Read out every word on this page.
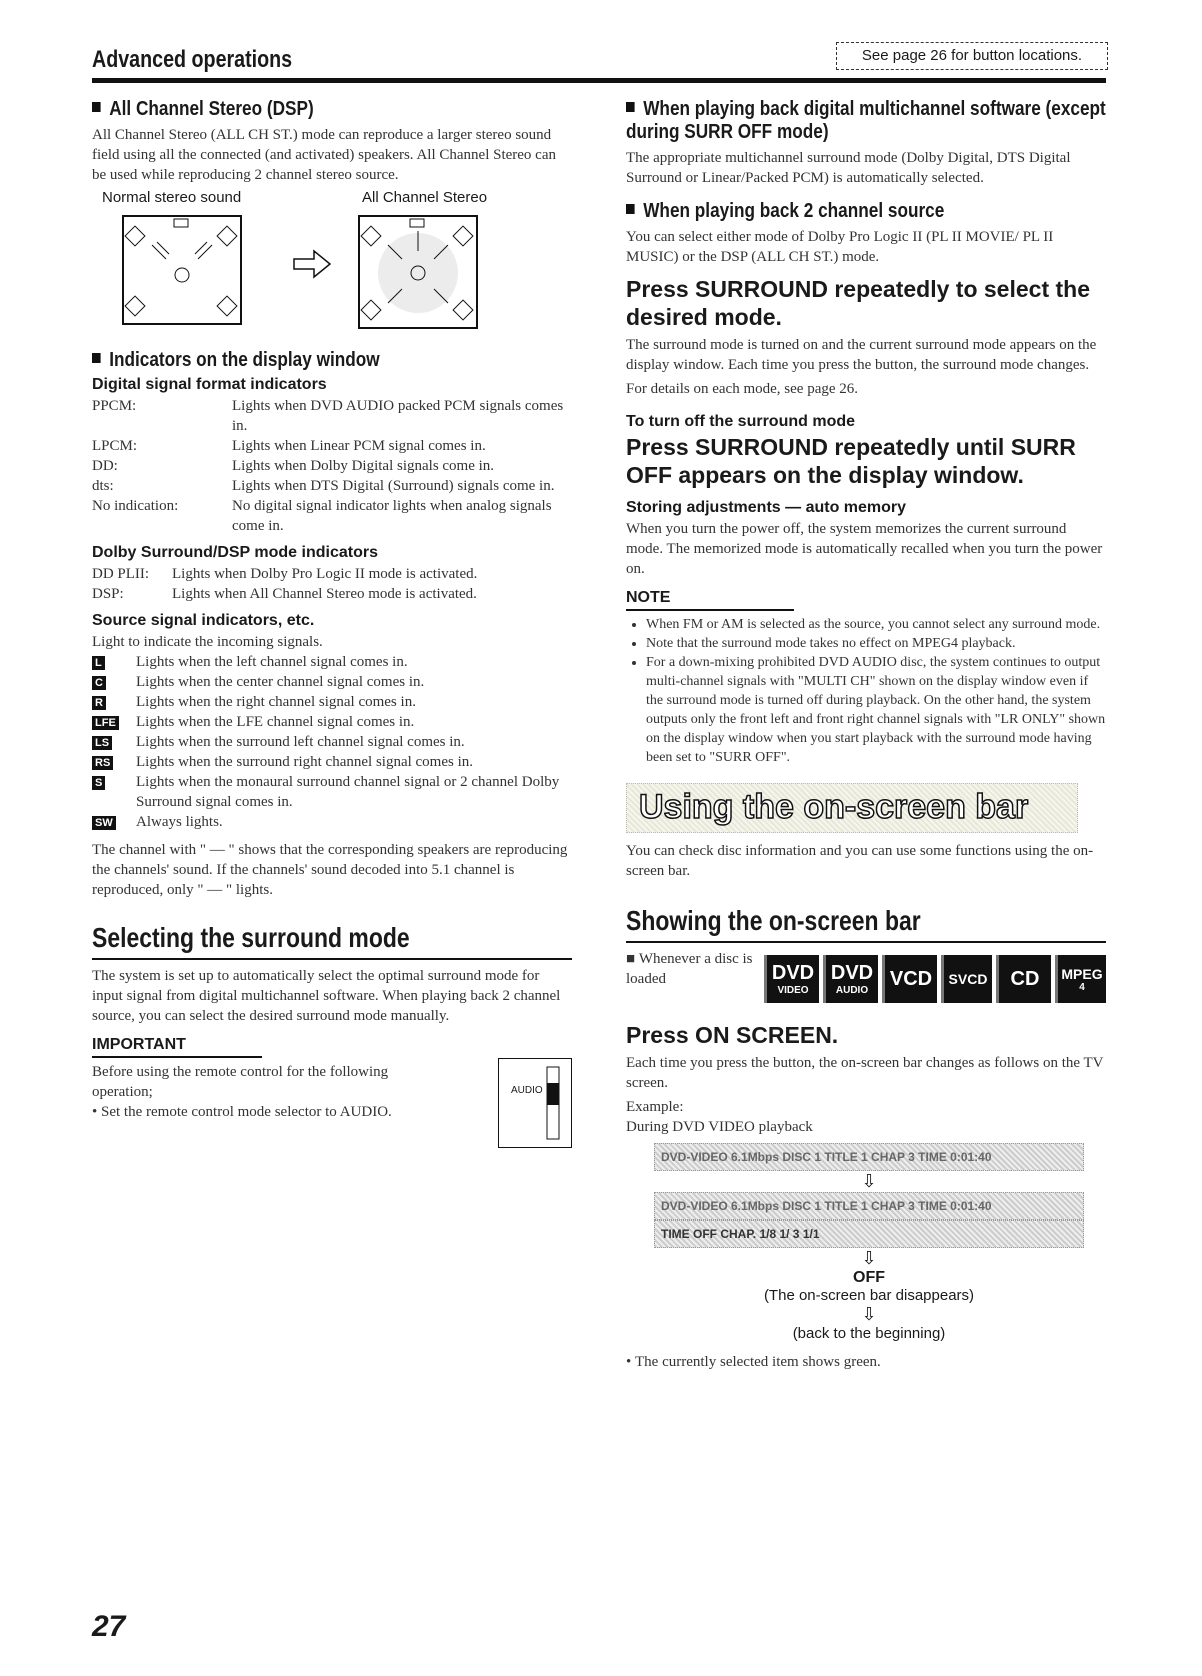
Advanced operations	See page 26 for button locations.
All Channel Stereo (DSP)

All Channel Stereo (ALL CH ST.) mode can reproduce a larger stereo sound field using all the connected (and activated) speakers. All Channel Stereo can be used while reproducing 2 channel stereo source.

Normal stereo sound	All Channel Stereo
Indicators on the display window
Digital signal format indicators
PPCM:	Lights when DVD AUDIO packed PCM signals comes in.
LPCM:	Lights when Linear PCM signal comes in.
DD:	Lights when Dolby Digital signals come in.
dts:	Lights when DTS Digital (Surround) signals come in.
No indication:	No digital signal indicator lights when analog signals come in.
Dolby Surround/DSP mode indicators
DD PLII:	Lights when Dolby Pro Logic II mode is activated.
DSP:	Lights when All Channel Stereo mode is activated.
Source signal indicators, etc.

Light to indicate the incoming signals.

L	Lights when the left channel signal comes in.
C	Lights when the center channel signal comes in.
R	Lights when the right channel signal comes in.
LFE	Lights when the LFE channel signal comes in.
LS	Lights when the surround left channel signal comes in.
RS	Lights when the surround right channel signal comes in.
S	Lights when the monaural surround channel signal or 2 channel Dolby Surround signal comes in.
SW	Always lights.

The channel with " — " shows that the corresponding speakers are reproducing the channels' sound. If the channels' sound decoded into 5.1 channel is reproduced, only " — " lights.

Selecting the surround mode

The system is set up to automatically select the optimal surround mode for input signal from digital multichannel software. When playing back 2 channel source, you can select the desired surround mode manually.

IMPORTANT

Before using the remote control for the following operation;

• Set the remote control mode selector to AUDIO.

AUDIO
When playing back digital multichannel software (except during SURR OFF mode)

The appropriate multichannel surround mode (Dolby Digital, DTS Digital Surround or Linear/Packed PCM) is automatically selected.

When playing back 2 channel source

You can select either mode of Dolby Pro Logic II (PL II MOVIE/ PL II MUSIC) or the DSP (ALL CH ST.) mode.

Press SURROUND repeatedly to select the desired mode.

The surround mode is turned on and the current surround mode appears on the display window. Each time you press the button, the surround mode changes.

For details on each mode, see page 26.

To turn off the surround mode
Press SURROUND repeatedly until SURR OFF appears on the display window.
Storing adjustments — auto memory

When you turn the power off, the system memorizes the current surround mode. The memorized mode is automatically recalled when you turn the power on.

NOTE
• When FM or AM is selected as the source, you cannot select any surround mode.
• Note that the surround mode takes no effect on MPEG4 playback.
• For a down-mixing prohibited DVD AUDIO disc, the system continues to output multi-channel signals with "MULTI CH" shown on the display window even if the surround mode is turned off during playback. On the other hand, the system outputs only the front left and front right channel signals with "LR ONLY" shown on the display window when you start playback with the surround mode having been set to "SURR OFF".
Using the on-screen bar

You can check disc information and you can use some functions using the on-screen bar.

Showing the on-screen bar

■ Whenever a disc is loaded	DVD
VIDEO
DVD
AUDIO
VCD SVCD CD MPEG
4
Press ON SCREEN.

Each time you press the button, the on-screen bar changes as follows on the TV screen.

Example:

During DVD VIDEO playback

DVD-VIDEO 6.1Mbps DISC 1 TITLE 1 CHAP 3 TIME 0:01:40
⇩
DVD-VIDEO 6.1Mbps DISC 1 TITLE 1 CHAP 3 TIME 0:01:40
TIME OFF CHAP. 1/8 1/ 3 1/1
⇩
OFF
(The on-screen bar disappears)
⇩
(back to the beginning)

• The currently selected item shows green.

27
